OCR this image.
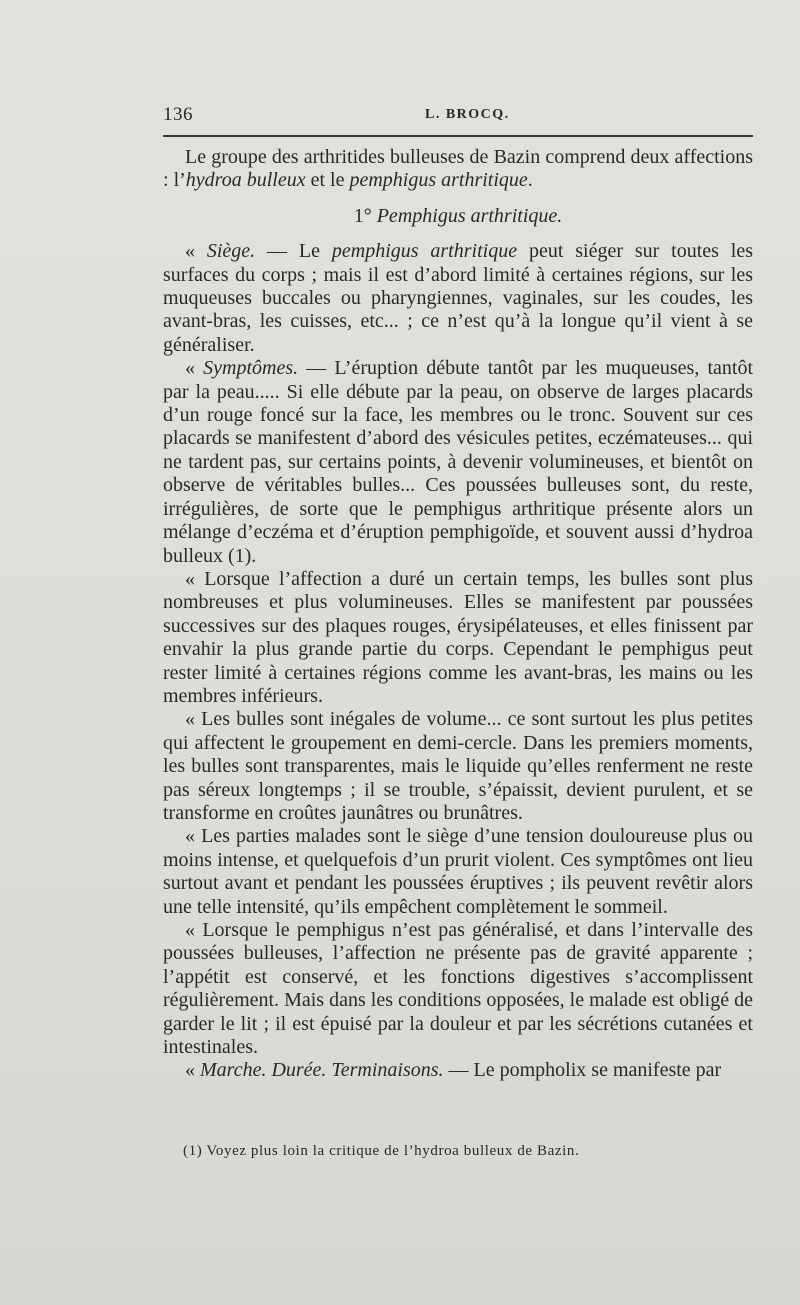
136	L. BROCQ.

Le groupe des arthritides bulleuses de Bazin comprend deux affections : l’hydroa bulleux et le pemphigus arthritique.

1° Pemphigus arthritique.

« Siège. — Le pemphigus arthritique peut siéger sur toutes les surfaces du corps ; mais il est d’abord limité à certaines régions, sur les muqueuses buccales ou pharyngiennes, vaginales, sur les coudes, les avant-bras, les cuisses, etc... ; ce n’est qu’à la longue qu’il vient à se généraliser.

« Symptômes. — L’éruption débute tantôt par les muqueuses, tantôt par la peau..... Si elle débute par la peau, on observe de larges placards d’un rouge foncé sur la face, les membres ou le tronc. Souvent sur ces placards se manifestent d’abord des vésicules petites, eczémateuses... qui ne tardent pas, sur certains points, à devenir volumineuses, et bientôt on observe de véritables bulles... Ces poussées bulleuses sont, du reste, irrégulières, de sorte que le pemphigus arthritique présente alors un mélange d’eczéma et d’éruption pemphigoïde, et souvent aussi d’hydroa bulleux (1).

« Lorsque l’affection a duré un certain temps, les bulles sont plus nombreuses et plus volumineuses. Elles se manifestent par poussées successives sur des plaques rouges, érysipélateuses, et elles finissent par envahir la plus grande partie du corps. Cependant le pemphigus peut rester limité à certaines régions comme les avant-bras, les mains ou les membres inférieurs.

« Les bulles sont inégales de volume... ce sont surtout les plus petites qui affectent le groupement en demi-cercle. Dans les premiers moments, les bulles sont transparentes, mais le liquide qu’elles renferment ne reste pas séreux longtemps ; il se trouble, s’épaissit, devient purulent, et se transforme en croûtes jaunâtres ou brunâtres.

« Les parties malades sont le siège d’une tension douloureuse plus ou moins intense, et quelquefois d’un prurit violent. Ces symptômes ont lieu surtout avant et pendant les poussées éruptives ; ils peuvent revêtir alors une telle intensité, qu’ils empêchent complètement le sommeil.

« Lorsque le pemphigus n’est pas généralisé, et dans l’intervalle des poussées bulleuses, l’affection ne présente pas de gravité apparente ; l’appétit est conservé, et les fonctions digestives s’accomplissent régulièrement. Mais dans les conditions opposées, le malade est obligé de garder le lit ; il est épuisé par la douleur et par les sécrétions cutanées et intestinales.

« Marche. Durée. Terminaisons. — Le pompholix se manifeste par

(1) Voyez plus loin la critique de l’hydroa bulleux de Bazin.
